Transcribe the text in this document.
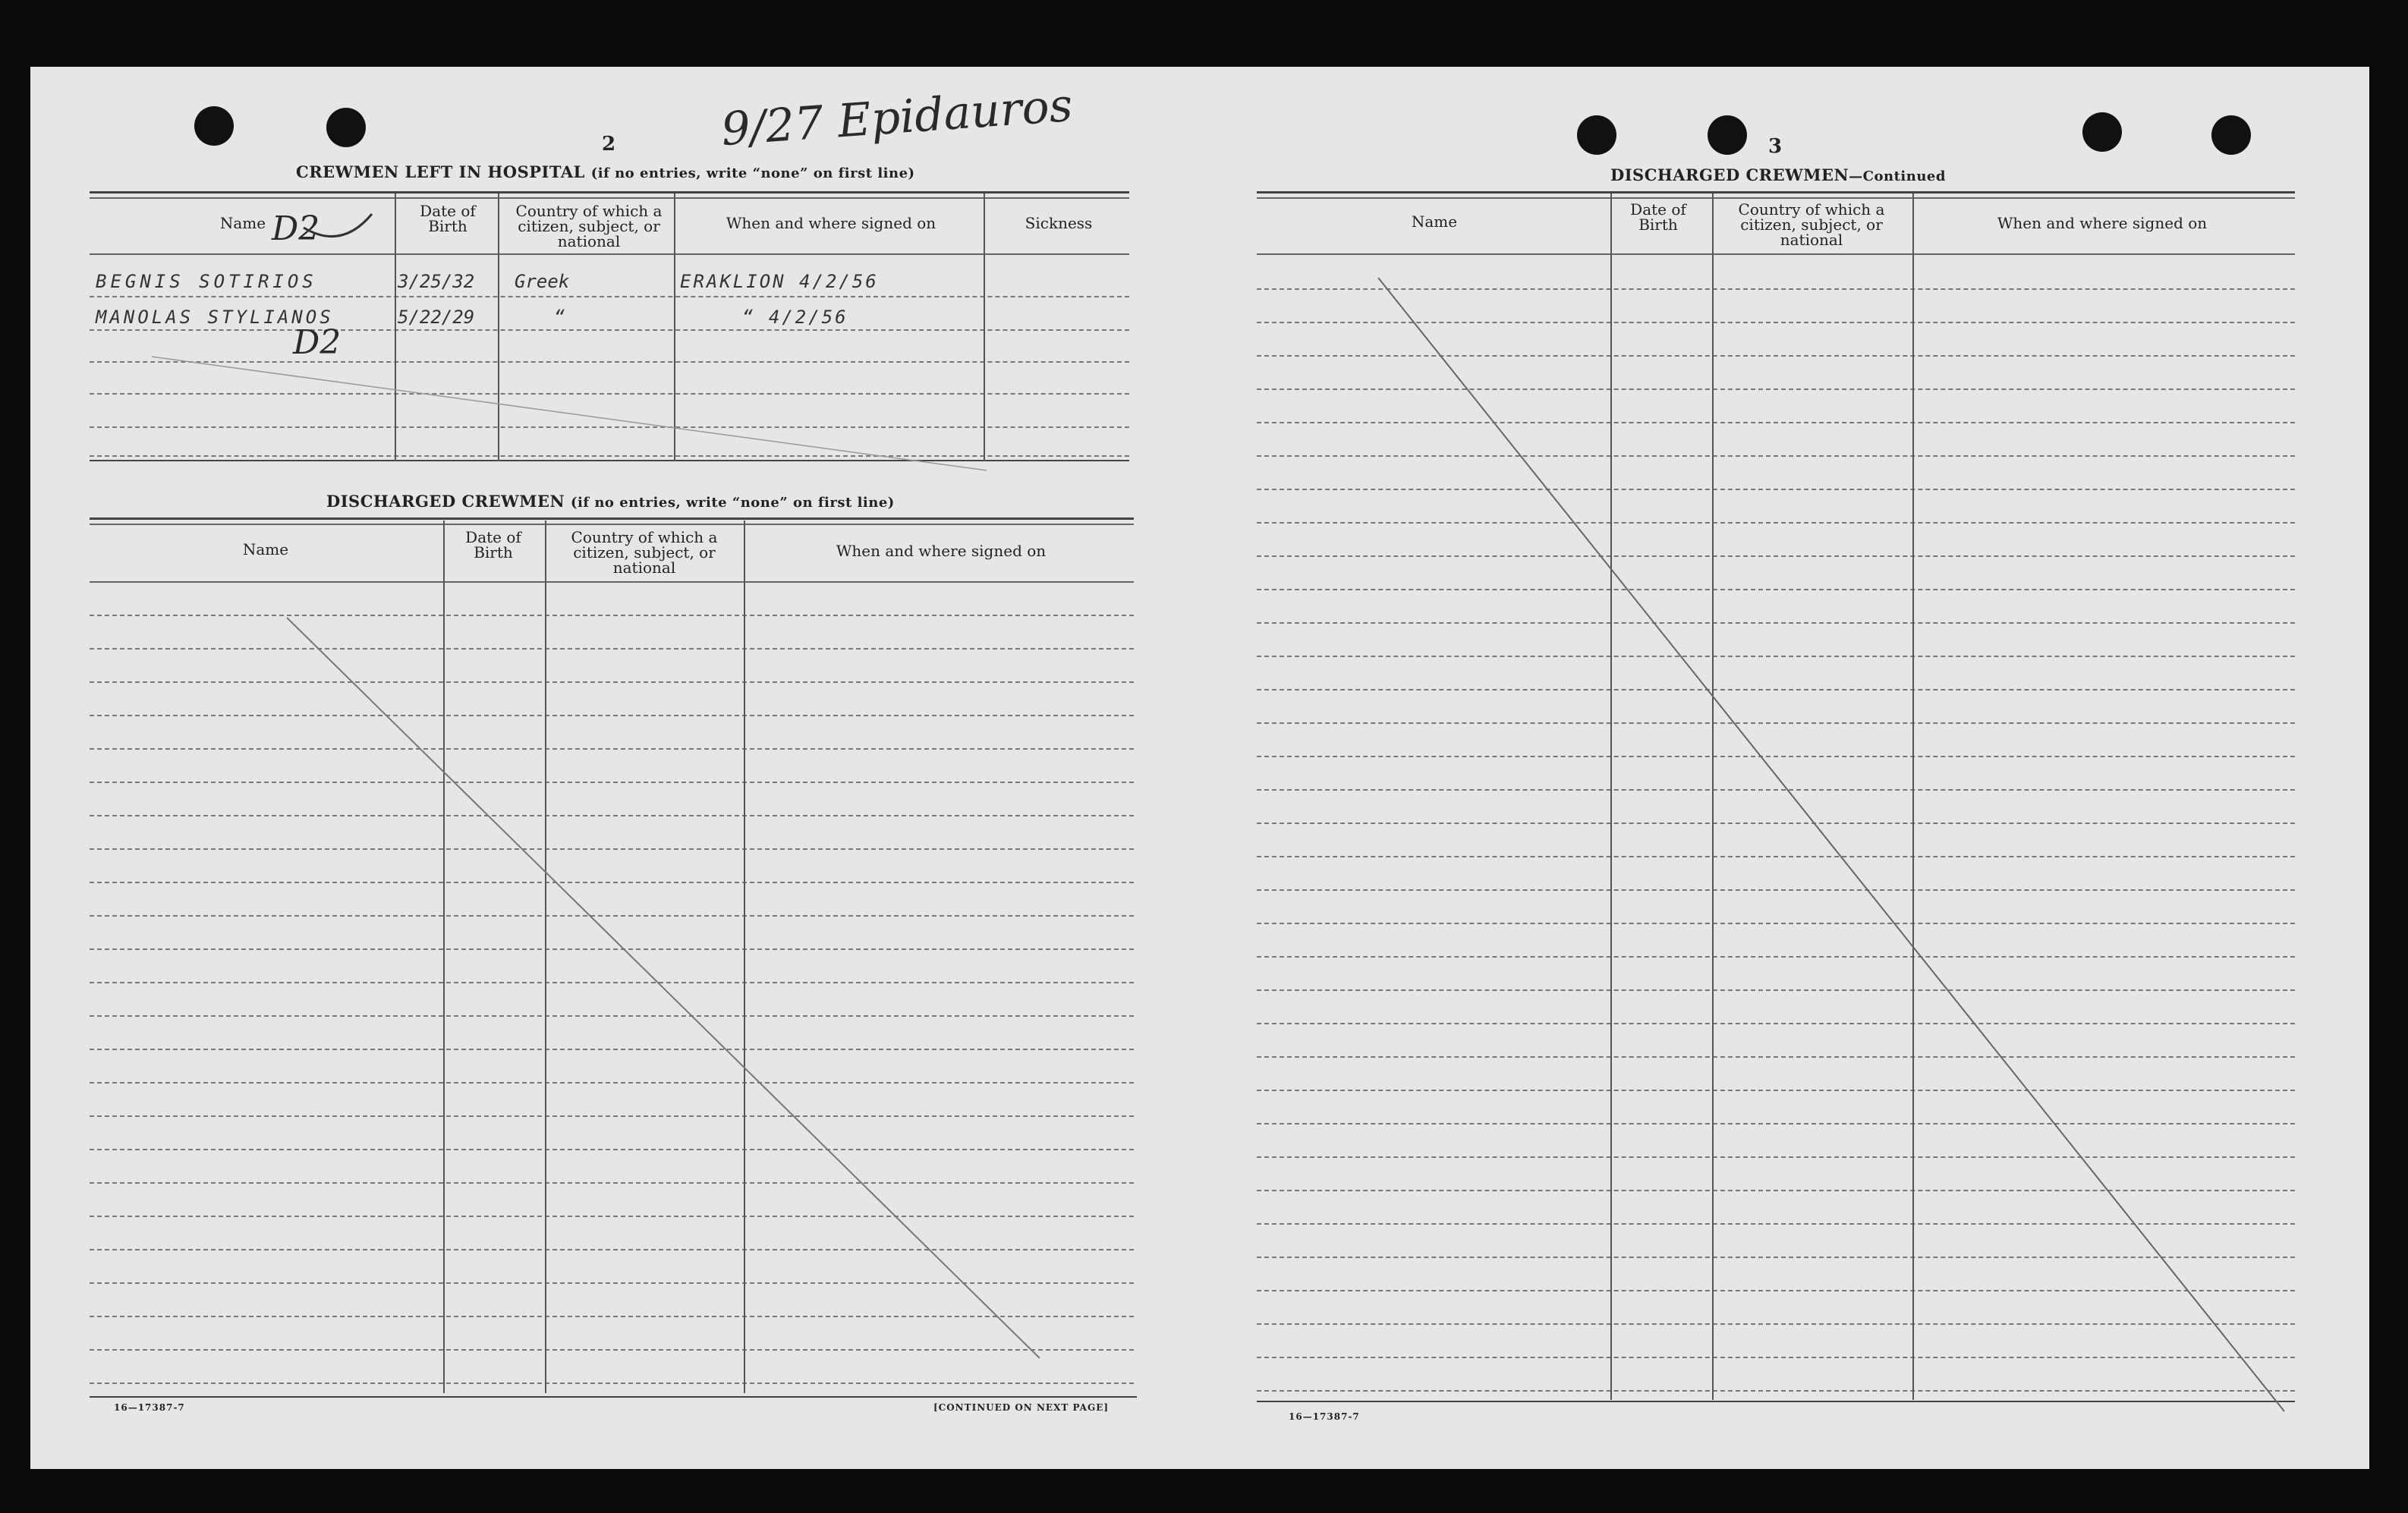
2 9/27 Epidauros
CREWMEN LEFT IN HOSPITAL (if no entries, write “none” on first line)
Name
Date of Birth
Country of which a citizen, subject, or national
When and where signed on	Sickness
D2
BEGNIS SOTIRIOS	3/25/32 Greek	ERAKLION 4/2/56
MANOLAS STYLIANOS	5/22/29	“	“ 4/2/56
D2
DISCHARGED CREWMEN (if no entries, write “none” on first line)
Name
Date of Birth
Country of which a citizen, subject, or national
When and where signed on
16—17387-7	[CONTINUED ON NEXT PAGE]
3
DISCHARGED CREWMEN—Continued
Name
Date of Birth
Country of which a citizen, subject, or national
When and where signed on
16—17387-7
